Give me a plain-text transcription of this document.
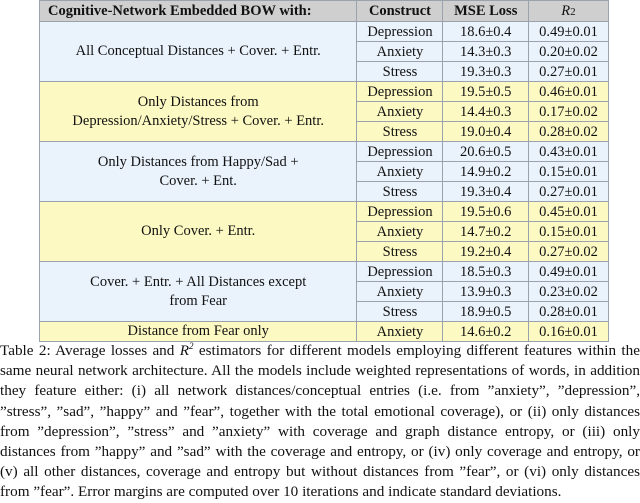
Cognitive-Network Embedded BOW with:	Construct	MSE Loss	R2

All Conceptual Distances + Cover. + Entr.	Depression	18.6±0.4	0.49±0.01
	Anxiety	14.3±0.3	0.20±0.02
	Stress	19.3±0.3	0.27±0.01

Only Distances from
Depression/Anxiety/Stress + Cover. + Entr.	Depression	19.5±0.5	0.46±0.01
	Anxiety	14.4±0.3	0.17±0.02
	Stress	19.0±0.4	0.28±0.02

Only Distances from Happy/Sad +
Cover. + Ent.	Depression	20.6±0.5	0.43±0.01
	Anxiety	14.9±0.2	0.15±0.01
	Stress	19.3±0.4	0.27±0.01

Only Cover. + Entr.	Depression	19.5±0.6	0.45±0.01
	Anxiety	14.7±0.2	0.15±0.01
	Stress	19.2±0.4	0.27±0.02

Cover. + Entr. + All Distances except
from Fear	Depression	18.5±0.3	0.49±0.01
	Anxiety	13.9±0.3	0.23±0.02
	Stress	18.9±0.5	0.28±0.01

Distance from Fear only	Anxiety	14.6±0.2	0.16±0.01

Table 2: Average losses and $R^2$ estimators for different models employing different features within the same neural network architecture. All the models include weighted representations of words, in addition they feature either: (i) all network distances/conceptual entries (i.e. from ”anxiety”, ”depression”, ”stress”, ”sad”, ”happy” and ”fear”, together with the total emotional coverage), or (ii) only distances from ”depression”, ”stress” and ”anxiety” with coverage and graph distance entropy, or (iii) only distances from ”happy” and ”sad” with the coverage and entropy, or (iv) only coverage and entropy, or (v) all other distances, coverage and entropy but without distances from ”fear”, or (vi) only distances from ”fear”. Error margins are computed over 10 iterations and indicate standard deviations.
